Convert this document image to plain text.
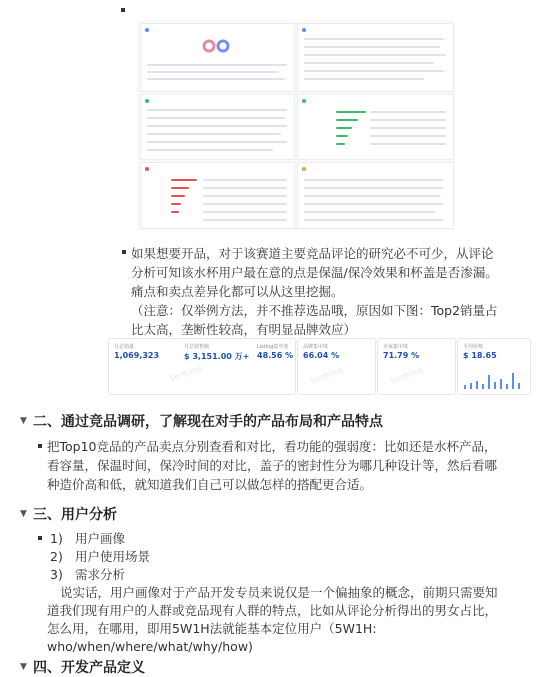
如果想要开品，对于该赛道主要竞品评论的研究必不可少，从评论
分析可知该水杯用户最在意的点是保温/保冷效果和杯盖是否渗漏。
痛点和卖点差异化都可以从这里挖掘。
（注意：仅举例方法，并不推荐选品哦，原因如下图：Top2销量占
比太高，垄断性较高，有明显品牌效应）
月总销量
1,069,323
月总销售额
$ 3,151.00 万+
Listing集中度
48.56 %
Sorftime
品牌集中度
66.04 %
Sorftime
卖家集中度
71.79 %
Sorftime
平均价格
$ 18.65
▼ 二、通过竞品调研，了解现在对手的产品布局和产品特点
把Top10竞品的产品卖点分别查看和对比，看功能的强弱度：比如还是水杯产品，
看容量，保温时间，保冷时间的对比，盖子的密封性分为哪几种设计等，然后看哪
种造价高和低，就知道我们自己可以做怎样的搭配更合适。
▼ 三、用户分析
1) 用户画像
2) 用户使用场景
3) 需求分析
说实话，用户画像对于产品开发专员来说仅是一个偏抽象的概念，前期只需要知
道我们现有用户的人群或竞品现有人群的特点，比如从评论分析得出的男女占比，
怎么用，在哪用，即用5W1H法就能基本定位用户（5W1H:
who/when/where/what/why/how)
▼ 四、开发产品定义
